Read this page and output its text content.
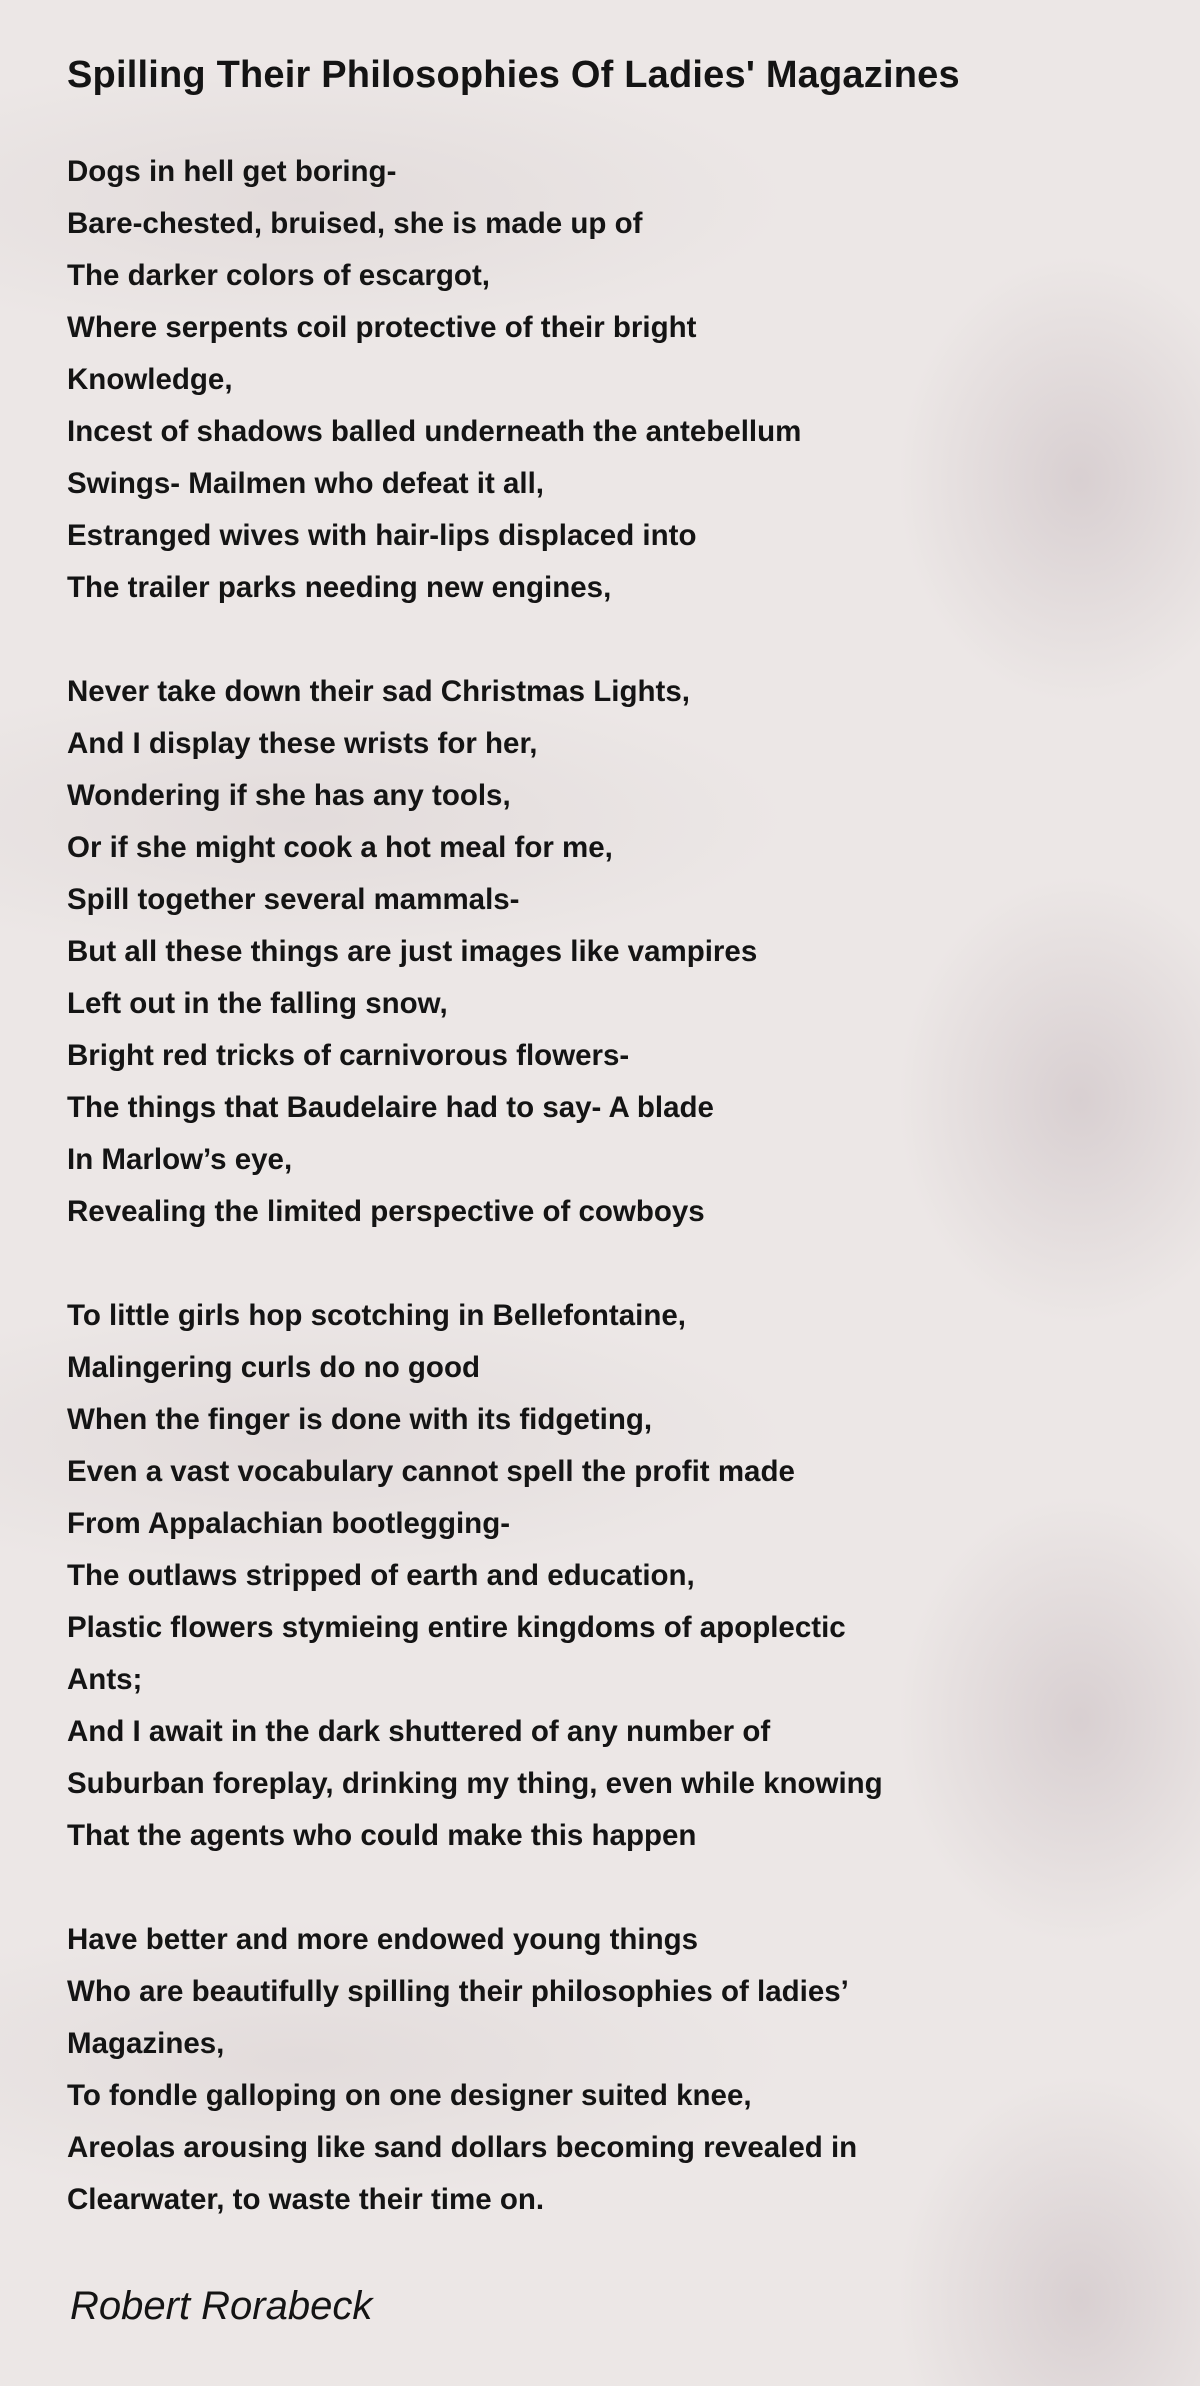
Spilling Their Philosophies Of Ladies' Magazines
Dogs in hell get boring-
Bare-chested, bruised, she is made up of
The darker colors of escargot,
Where serpents coil protective of their bright
Knowledge,
Incest of shadows balled underneath the antebellum
Swings- Mailmen who defeat it all,
Estranged wives with hair-lips displaced into
The trailer parks needing new engines,
Never take down their sad Christmas Lights,
And I display these wrists for her,
Wondering if she has any tools,
Or if she might cook a hot meal for me,
Spill together several mammals-
But all these things are just images like vampires
Left out in the falling snow,
Bright red tricks of carnivorous flowers-
The things that Baudelaire had to say- A blade
In Marlow’s eye,
Revealing the limited perspective of cowboys
To little girls hop scotching in Bellefontaine,
Malingering curls do no good
When the finger is done with its fidgeting,
Even a vast vocabulary cannot spell the profit made
From Appalachian bootlegging-
The outlaws stripped of earth and education,
Plastic flowers stymieing entire kingdoms of apoplectic
Ants;
And I await in the dark shuttered of any number of
Suburban foreplay, drinking my thing, even while knowing
That the agents who could make this happen
Have better and more endowed young things
Who are beautifully spilling their philosophies of ladies’
Magazines,
To fondle galloping on one designer suited knee,
Areolas arousing like sand dollars becoming revealed in
Clearwater, to waste their time on.
Robert Rorabeck
